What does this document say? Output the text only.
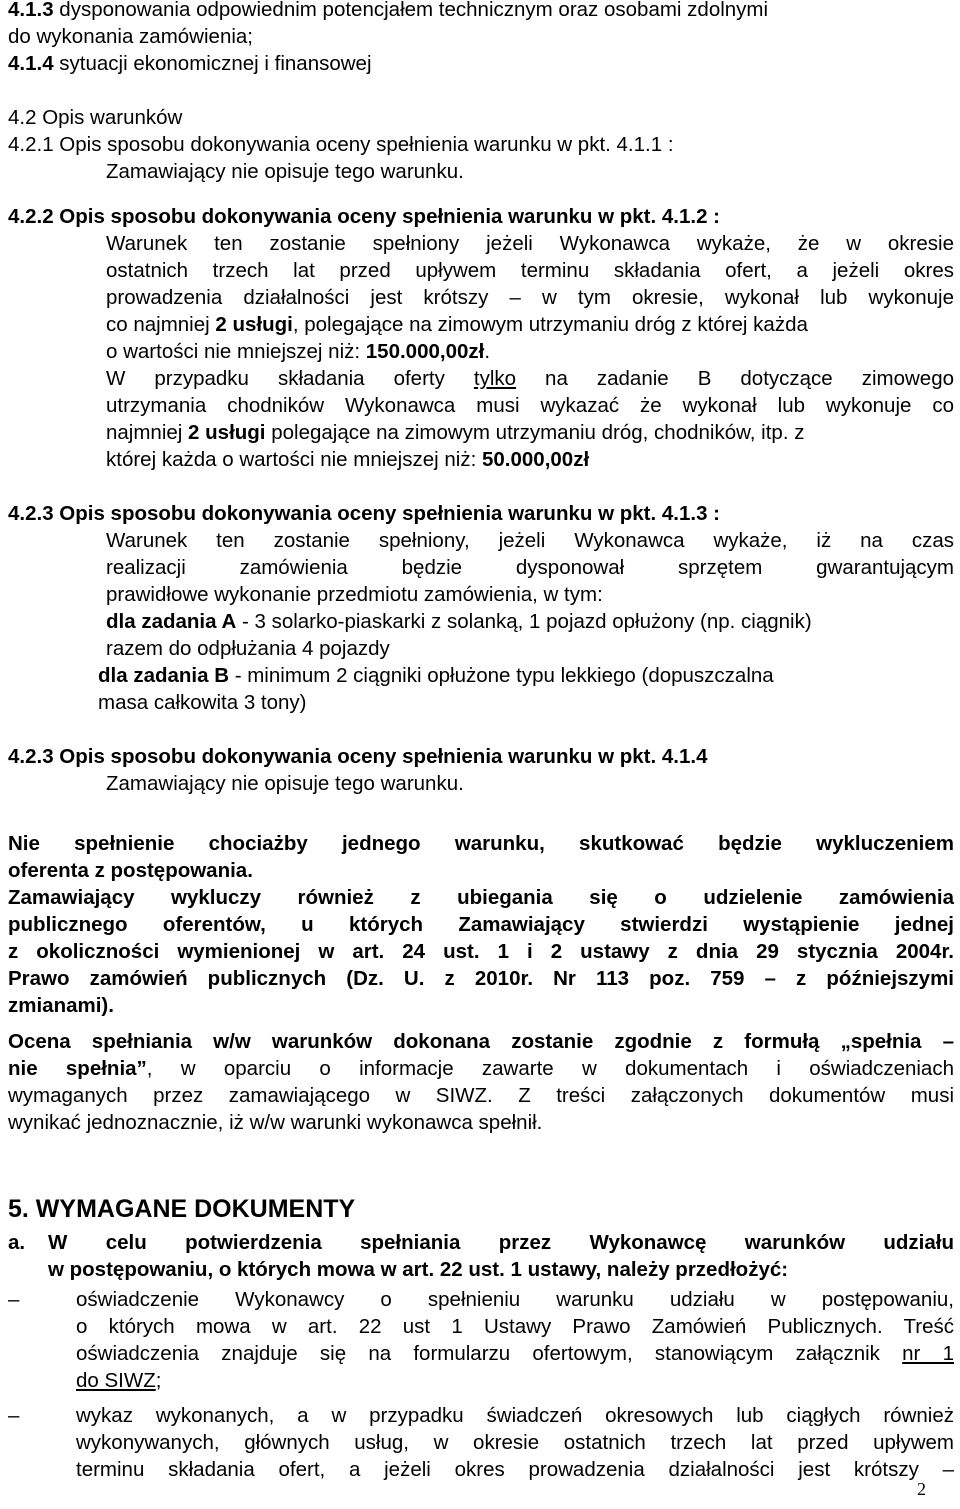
4.1.3 dysponowania odpowiednim potencjałem technicznym oraz osobami zdolnymi
do wykonania zamówienia;
4.1.4 sytuacji ekonomicznej i finansowej
4.2 Opis warunków
4.2.1 Opis sposobu dokonywania oceny spełnienia warunku w pkt. 4.1.1 :
Zamawiający nie opisuje tego warunku.
4.2.2 Opis sposobu dokonywania oceny spełnienia warunku w pkt. 4.1.2 :
Warunek ten zostanie spełniony jeżeli Wykonawca wykaże, że w okresie
ostatnich trzech lat przed upływem terminu składania ofert, a jeżeli okres
prowadzenia działalności jest krótszy – w tym okresie, wykonał lub wykonuje
co najmniej 2 usługi, polegające na zimowym utrzymaniu dróg z której każda
o wartości nie mniejszej niż: 150.000,00zł.
W przypadku składania oferty tylko na zadanie B dotyczące zimowego
utrzymania chodników Wykonawca musi wykazać że wykonał lub wykonuje co
najmniej 2 usługi polegające na zimowym utrzymaniu dróg, chodników, itp. z
której każda o wartości nie mniejszej niż: 50.000,00zł
4.2.3 Opis sposobu dokonywania oceny spełnienia warunku w pkt. 4.1.3 :
Warunek ten zostanie spełniony, jeżeli Wykonawca wykaże, iż na czas
realizacji zamówienia będzie dysponował sprzętem gwarantującym
prawidłowe wykonanie przedmiotu zamówienia, w tym:
dla zadania A - 3 solarko-piaskarki z solanką, 1 pojazd opłużony (np. ciągnik)
razem do odpłużania 4 pojazdy
dla zadania B - minimum 2 ciągniki opłużone typu lekkiego (dopuszczalna
masa całkowita 3 tony)
4.2.3 Opis sposobu dokonywania oceny spełnienia warunku w pkt. 4.1.4
Zamawiający nie opisuje tego warunku.
Nie spełnienie chociażby jednego warunku, skutkować będzie wykluczeniem
oferenta z postępowania.
Zamawiający wykluczy również z ubiegania się o udzielenie zamówienia
publicznego oferentów, u których Zamawiający stwierdzi wystąpienie jednej
z okoliczności wymienionej w art. 24 ust. 1 i 2 ustawy z dnia 29 stycznia 2004r.
Prawo zamówień publicznych (Dz. U. z 2010r. Nr 113 poz. 759 – z późniejszymi
zmianami).
Ocena spełniania w/w warunków dokonana zostanie zgodnie z formułą „spełnia –
nie spełnia”, w oparciu o informacje zawarte w dokumentach i oświadczeniach
wymaganych przez zamawiającego w SIWZ. Z treści załączonych dokumentów musi
wynikać jednoznacznie, iż w/w warunki wykonawca spełnił.
5. WYMAGANE DOKUMENTY
a. W celu potwierdzenia spełniania przez Wykonawcę warunków udziału
w postępowaniu, o których mowa w art. 22 ust. 1 ustawy, należy przedłożyć:
–	oświadczenie Wykonawcy o spełnieniu warunku udziału w postępowaniu,
o których mowa w art. 22 ust 1 Ustawy Prawo Zamówień Publicznych. Treść
oświadczenia znajduje się na formularzu ofertowym, stanowiącym załącznik nr 1
do SIWZ;
–	wykaz wykonanych, a w przypadku świadczeń okresowych lub ciągłych również
wykonywanych, głównych usług, w okresie ostatnich trzech lat przed upływem
terminu składania ofert, a jeżeli okres prowadzenia działalności jest krótszy –
2
